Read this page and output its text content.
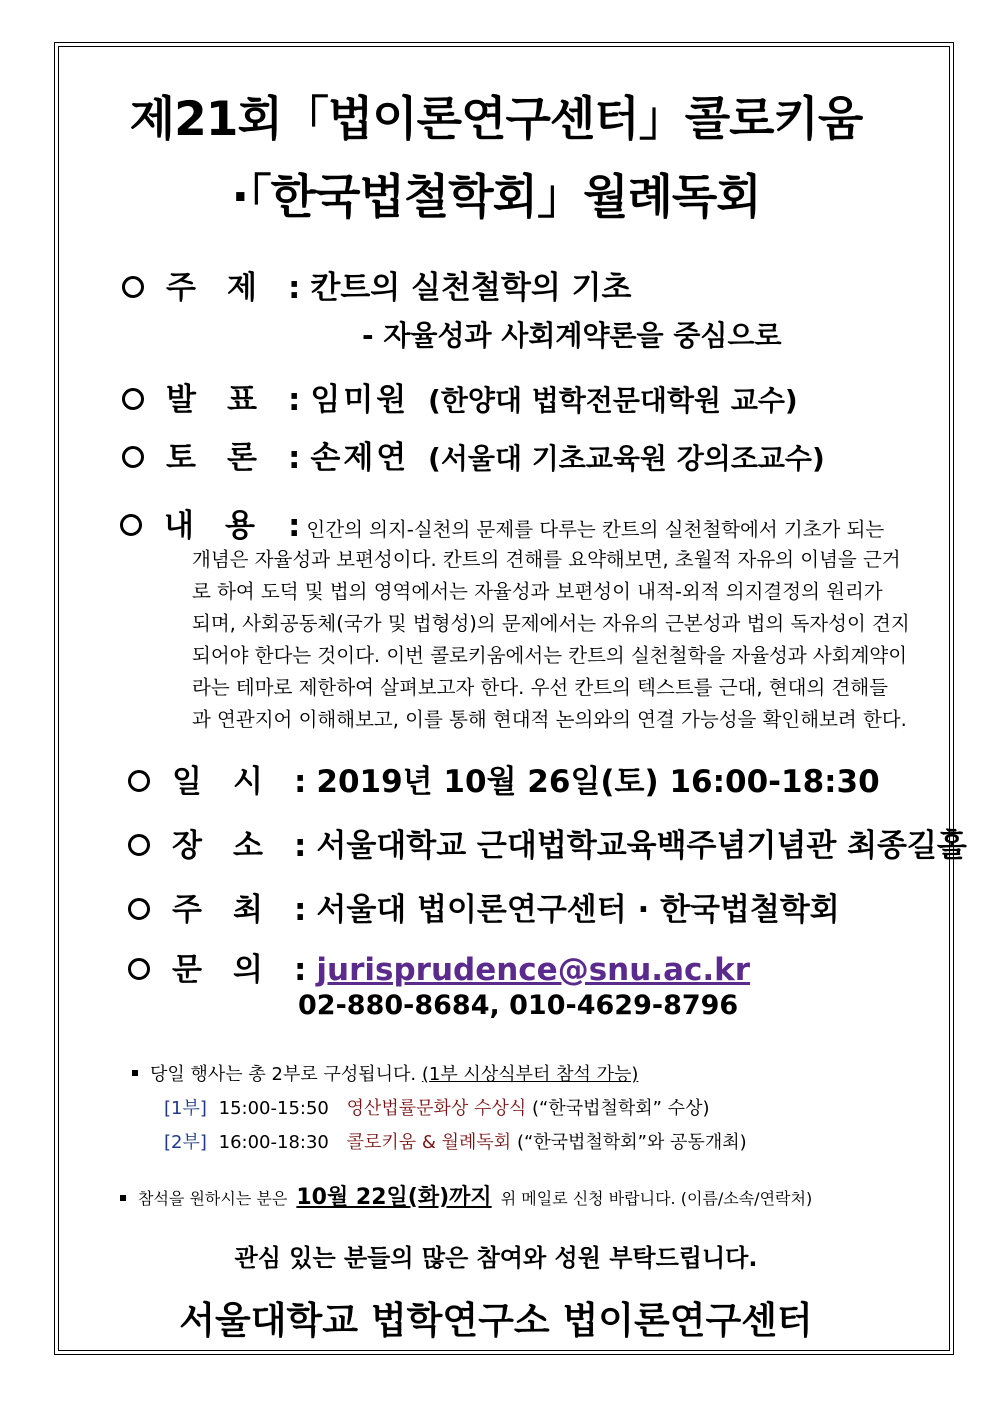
제21회「법이론연구센터」콜로키움
·「한국법철학회」월례독회
주　제 : 칸트의 실천철학의 기초
- 자율성과 사회계약론을 중심으로
발　표 : 임미원 (한양대 법학전문대학원 교수)
토　론 : 손제연 (서울대 기초교육원 강의조교수)
내　용 : 인간의 의지-실천의 문제를 다루는 칸트의 실천철학에서 기초가 되는
개념은 자율성과 보편성이다. 칸트의 견해를 요약해보면, 초월적 자유의 이념을 근거
로 하여 도덕 및 법의 영역에서는 자율성과 보편성이 내적-외적 의지결정의 원리가
되며, 사회공동체(국가 및 법형성)의 문제에서는 자유의 근본성과 법의 독자성이 견지
되어야 한다는 것이다. 이번 콜로키움에서는 칸트의 실천철학을 자율성과 사회계약이
라는 테마로 제한하여 살펴보고자 한다. 우선 칸트의 텍스트를 근대, 현대의 견해들
과 연관지어 이해해보고, 이를 통해 현대적 논의와의 연결 가능성을 확인해보려 한다.
일　시 : 2019년 10월 26일(토) 16:00-18:30
장　소 : 서울대학교 근대법학교육백주념기념관 최종길홀
주　최 : 서울대 법이론연구센터 · 한국법철학회
문　의 : jurisprudence@snu.ac.kr
02-880-8684, 010-4629-8796
당일 행사는 총 2부로 구성됩니다. (1부 시상식부터 참석 가능)
[1부] 15:00-15:50 영산법률문화상 수상식 (“한국법철학회” 수상)
[2부] 16:00-18:30 콜로키움 & 월례독회 (“한국법철학회”와 공동개최)
참석을 원하시는 분은 10월 22일(화)까지 위 메일로 신청 바랍니다. (이름/소속/연락처)
관심 있는 분들의 많은 참여와 성원 부탁드립니다.
서울대학교 법학연구소 법이론연구센터
